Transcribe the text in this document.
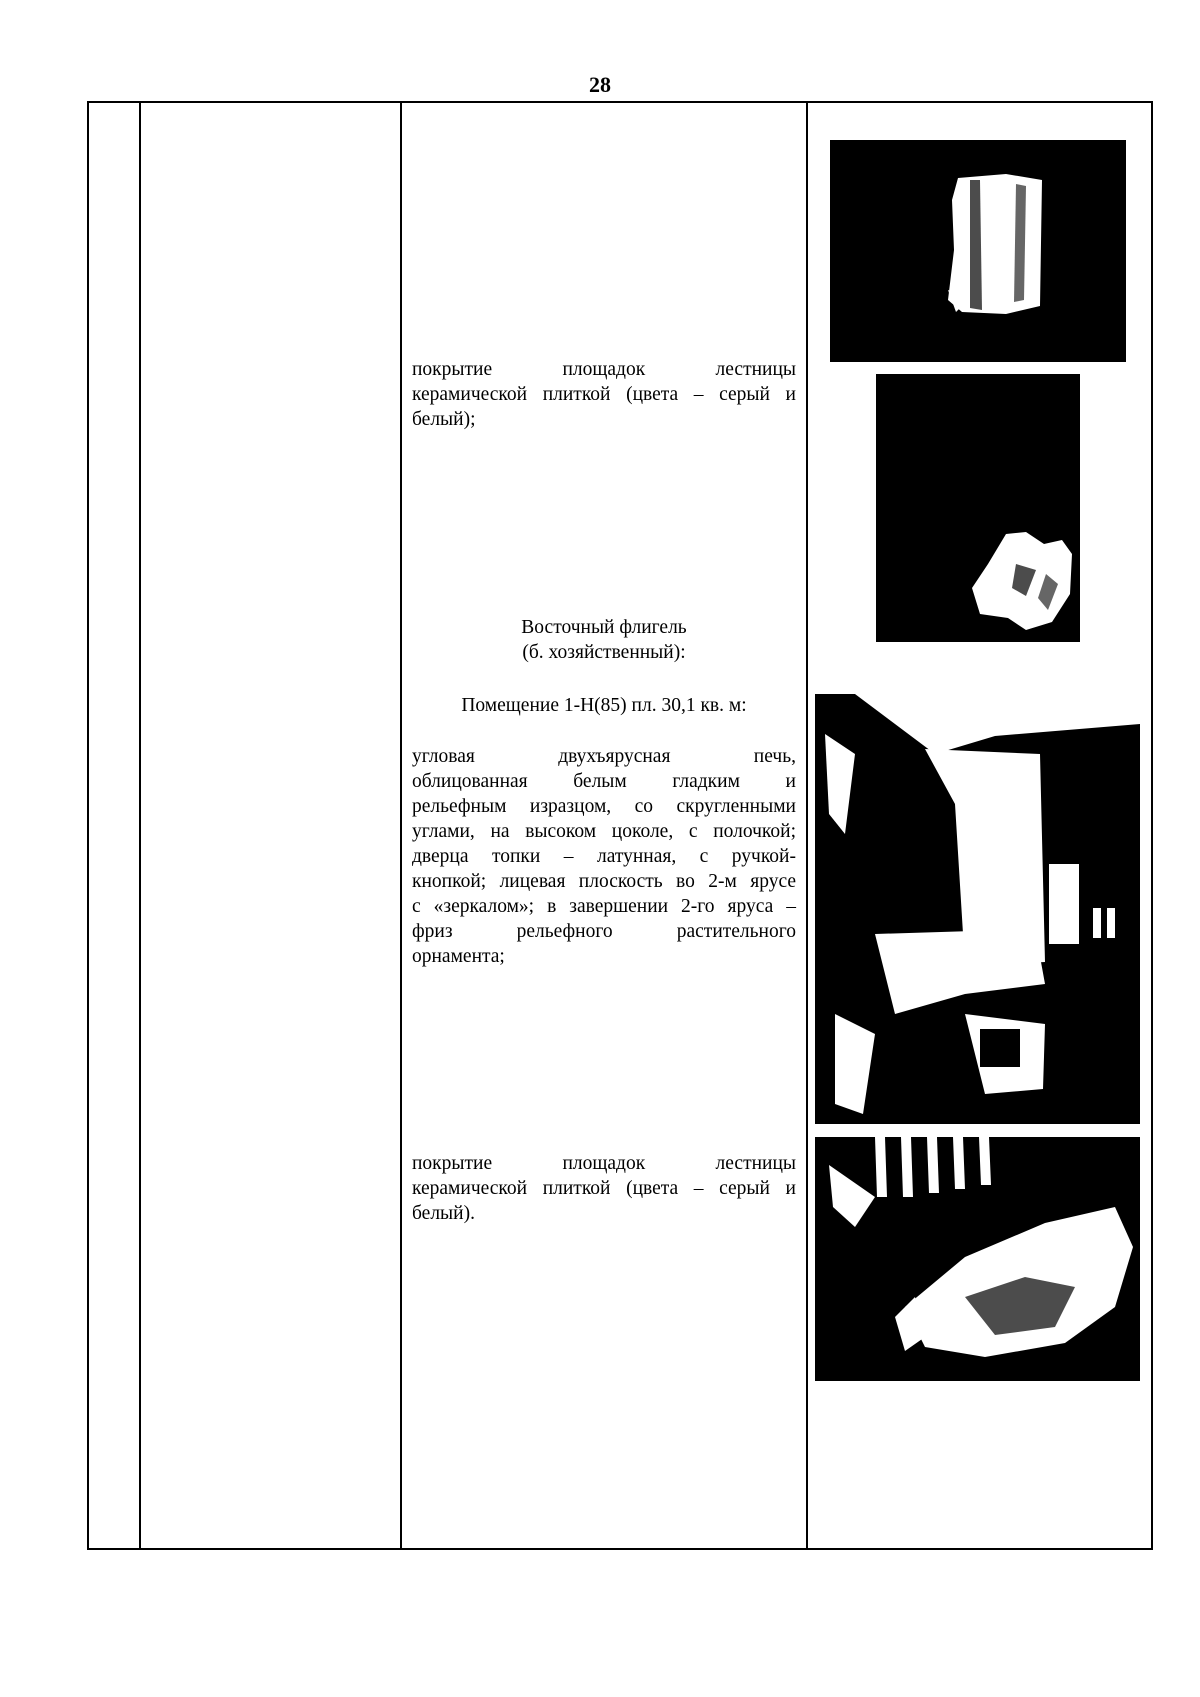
28
покрытие площадок лестницы
керамической плиткой (цвета – серый и
белый);
Восточный флигель
(б. хозяйственный):
Помещение 1-Н(85) пл. 30,1 кв. м:
угловая двухъярусная печь,
облицованная белым гладким и
рельефным изразцом, со скругленными
углами, на высоком цоколе, с полочкой;
дверца топки – латунная, с ручкой-
кнопкой; лицевая плоскость во 2-м ярусе
с «зеркалом»; в завершении 2-го яруса –
фриз рельефного растительного
орнамента;
покрытие площадок лестницы
керамической плиткой (цвета – серый и
белый).
